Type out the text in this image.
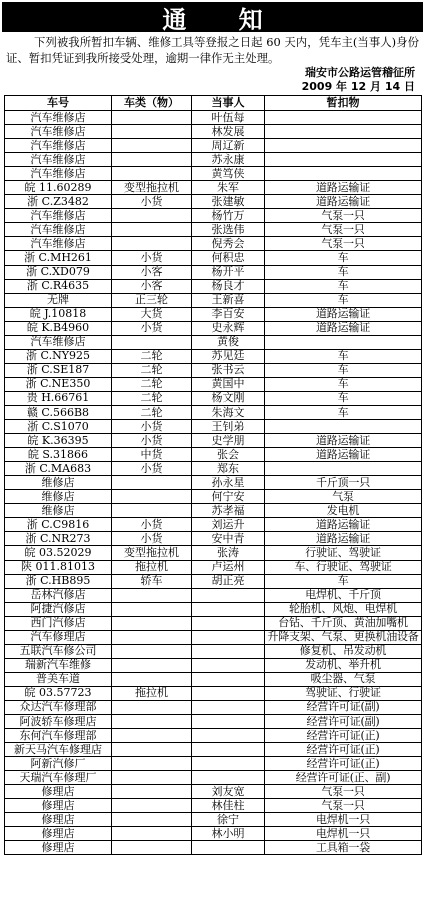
通 知
下列被我所暂扣车辆、维修工具等登报之日起 60 天内，凭车主(当事人)身份证、暂扣凭证到我所接受处理，逾期一律作无主处理。
瑞安市公路运管稽征所
2009 年 12 月 14 日
车号	车类（物）	当事人	暂扣物
汽车维修店		叶伍每	
汽车维修店		林发展	
汽车维修店		周辽新	
汽车维修店		苏永康	
汽车维修店		黄笃侠	
皖 11.60289	变型拖拉机	朱军	道路运输证
浙 C.Z3482	小货	张建敏	道路运输证
汽车维修店		杨竹万	气泵一只
汽车维修店		张选伟	气泵一只
汽车维修店		倪秀会	气泵一只
浙 C.MH261	小货	何积忠	车
浙 C.XD079	小客	杨开平	车
浙 C.R4635	小客	杨良才	车
无牌	正三轮	王新喜	车
皖 J.10818	大货	李百安	道路运输证
皖 K.B4960	小货	史永辉	道路运输证
汽车维修店		黄俊	
浙 C.NY925	二轮	苏见廷	车
浙 C.SE187	二轮	张书云	车
浙 C.NE350	二轮	黄国中	车
贵 H.66761	二轮	杨文刚	车
赣 C.566B8	二轮	朱海文	车
浙 C.S1070	小货	王钊弟	
皖 K.36395	小货	史学朋	道路运输证
皖 S.31866	中货	张会	道路运输证
浙 C.MA683	小货	郑东	
维修店		孙永星	千斤顶一只
维修店		何宁安	气泵
维修店		苏孝福	发电机
浙 C.C9816	小货	刘运升	道路运输证
浙 C.NR273	小货	安中青	道路运输证
皖 03.52029	变型拖拉机	张涛	行驶证、驾驶证
陕 011.81013	拖拉机	卢运州	车、行驶证、驾驶证
浙 C.HB895	轿车	胡正亮	车
岳林汽修店			电焊机、千斤顶
阿捷汽修店			轮胎机、风炮、电焊机
西门汽修店			台钻、千斤顶、黄油加嘴机
汽车修理店			升降支架、气泵、更换机油设备
五联汽车修公司			修复机、吊发动机
瑞新汽车维修			发动机、举升机
普美车道			吸尘器、气泵
皖 03.57723	拖拉机		驾驶证、行驶证
众达汽车修理部			经营许可证(副)
阿波轿车修理店			经营许可证(副)
东何汽车修理部			经营许可证(正)
新天马汽车修理店			经营许可证(正)
阿新汽修厂			经营许可证(正)
天瑞汽车修理厂			经营许可证(正、副)
修理店		刘友宽	气泵一只
修理店		林佳柱	气泵一只
修理店		徐宁	电焊机一只
修理店		林小明	电焊机一只
修理店			工具箱一袋
